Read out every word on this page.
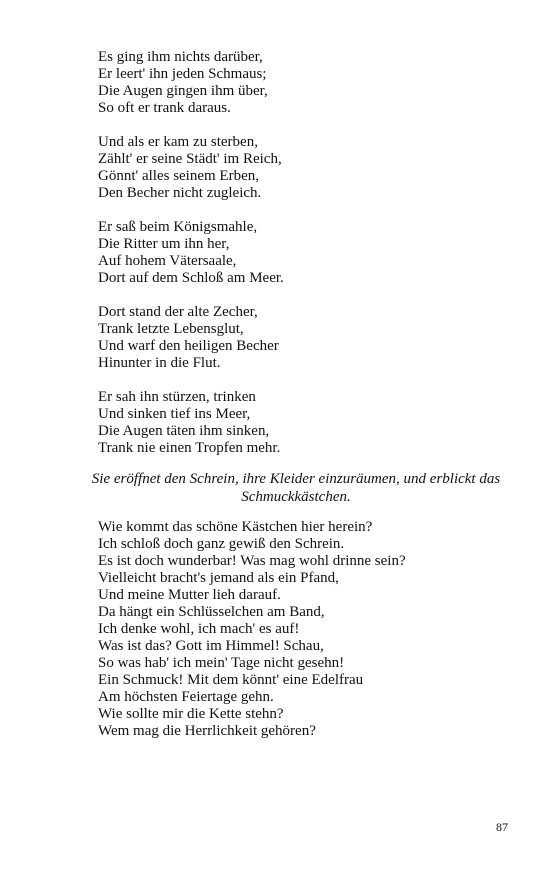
Es ging ihm nichts darüber,
Er leert' ihn jeden Schmaus;
Die Augen gingen ihm über,
So oft er trank daraus.
Und als er kam zu sterben,
Zählt' er seine Städt' im Reich,
Gönnt' alles seinem Erben,
Den Becher nicht zugleich.
Er saß beim Königsmahle,
Die Ritter um ihn her,
Auf hohem Vätersaale,
Dort auf dem Schloß am Meer.
Dort stand der alte Zecher,
Trank letzte Lebensglut,
Und warf den heiligen Becher
Hinunter in die Flut.
Er sah ihn stürzen, trinken
Und sinken tief ins Meer,
Die Augen täten ihm sinken,
Trank nie einen Tropfen mehr.
Sie eröffnet den Schrein, ihre Kleider einzuräumen, und erblickt das Schmuckkästchen.
Wie kommt das schöne Kästchen hier herein?
Ich schloß doch ganz gewiß den Schrein.
Es ist doch wunderbar! Was mag wohl drinne sein?
Vielleicht bracht's jemand als ein Pfand,
Und meine Mutter lieh darauf.
Da hängt ein Schlüsselchen am Band,
Ich denke wohl, ich mach' es auf!
Was ist das? Gott im Himmel! Schau,
So was hab' ich mein' Tage nicht gesehn!
Ein Schmuck! Mit dem könnt' eine Edelfrau
Am höchsten Feiertage gehn.
Wie sollte mir die Kette stehn?
Wem mag die Herrlichkeit gehören?
87
